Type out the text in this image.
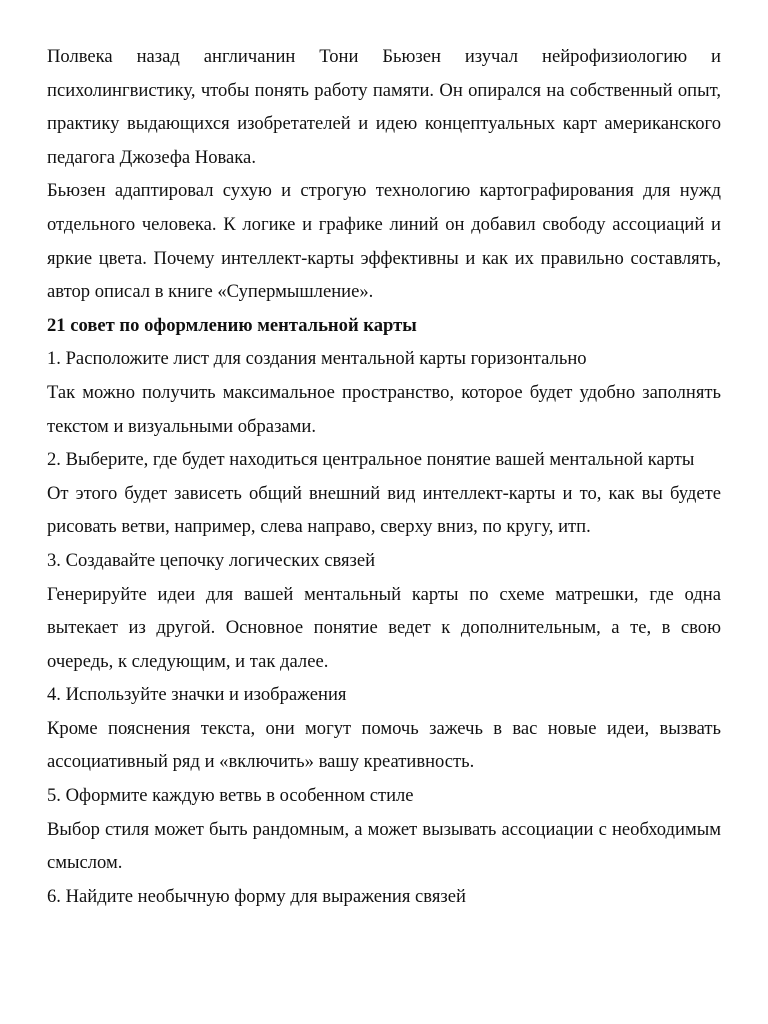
Полвека назад англичанин Тони Бьюзен изучал нейрофизиологию и психолингвистику, чтобы понять работу памяти. Он опирался на собственный опыт, практику выдающихся изобретателей и идею концептуальных карт американского педагога Джозефа Новака.

Бьюзен адаптировал сухую и строгую технологию картографирования для нужд отдельного человека. К логике и графике линий он добавил свободу ассоциаций и яркие цвета. Почему интеллект-карты эффективны и как их правильно составлять, автор описал в книге «Супермышление».

21 совет по оформлению ментальной карты

1. Расположите лист для создания ментальной карты горизонтально

Так можно получить максимальное пространство, которое будет удобно заполнять текстом и визуальными образами.

2. Выберите, где будет находиться центральное понятие вашей ментальной карты

От этого будет зависеть общий внешний вид интеллект-карты и то, как вы будете рисовать ветви, например, слева направо, сверху вниз, по кругу, итп.

3. Создавайте цепочку логических связей

Генерируйте идеи для вашей ментальный карты по схеме матрешки, где одна вытекает из другой. Основное понятие ведет к дополнительным, а те, в свою очередь, к следующим, и так далее.

4. Используйте значки и изображения

Кроме пояснения текста, они могут помочь зажечь в вас новые идеи, вызвать ассоциативный ряд и «включить» вашу креативность.

5. Оформите каждую ветвь в особенном стиле

Выбор стиля может быть рандомным, а может вызывать ассоциации с необходимым смыслом.

6. Найдите необычную форму для выражения связей
